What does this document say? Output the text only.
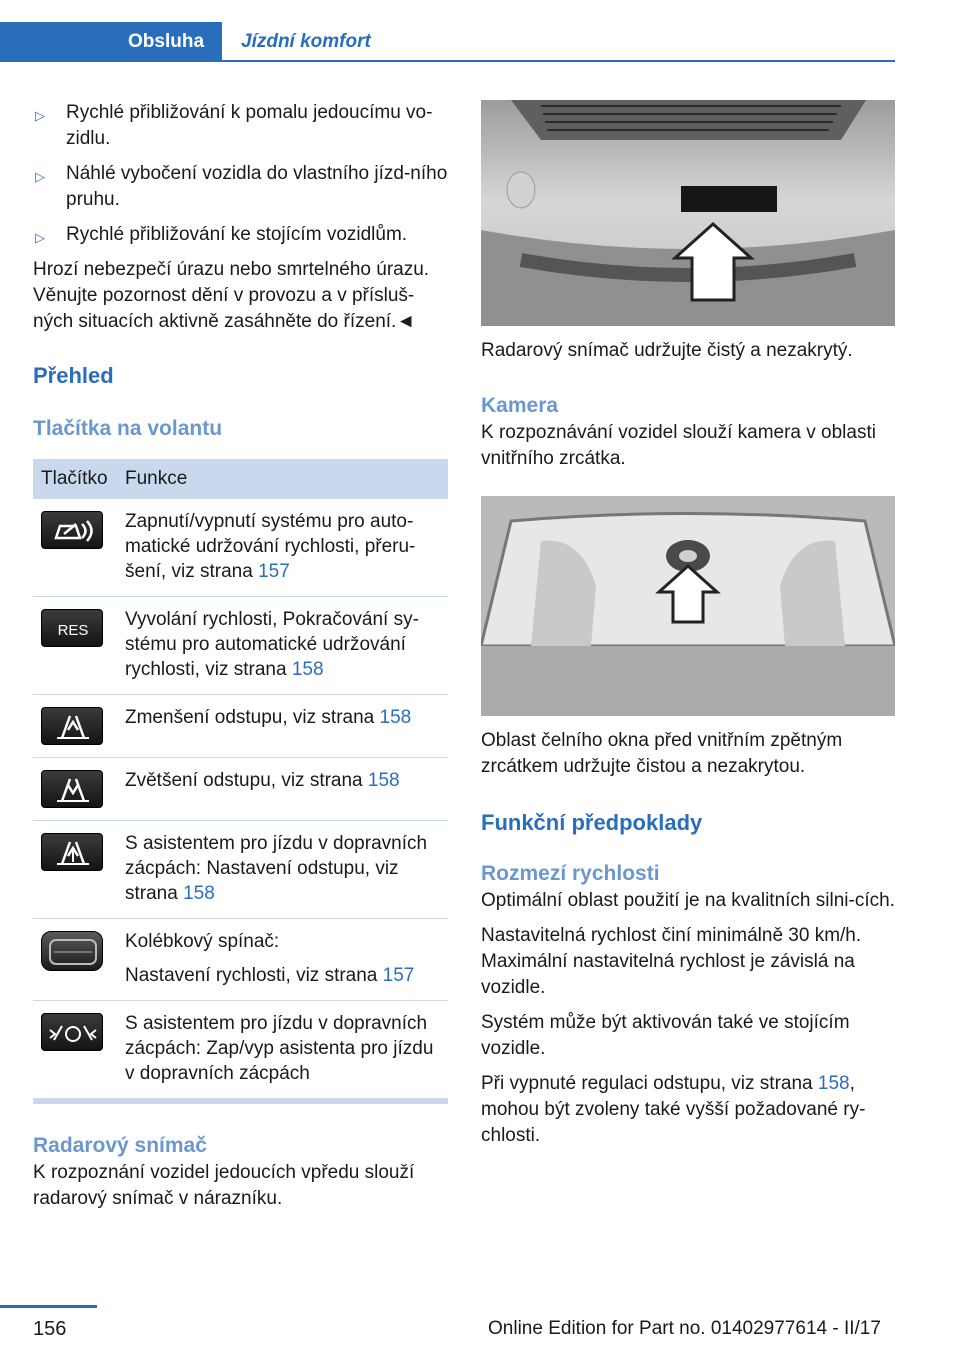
Obsluha Jízdní komfort
▷ Rychlé přibližování k pomalu jedoucímu vo‐zidlu.
▷ Náhlé vybočení vozidla do vlastního jízd‐ního pruhu.
▷ Rychlé přibližování ke stojícím vozidlům.

Hrozí nebezpečí úrazu nebo smrtelného úrazu. Věnujte pozornost dění v provozu a v přísluš‐ných situacích aktivně zasáhněte do řízení.◄

Přehled
Tlačítka na volantu
Tlačítko	Funkce

	Zapnutí/vypnutí systému pro auto‐matické udržování rychlosti, přeru‐šení, viz strana 157

RES	Vyvolání rychlosti, Pokračování sy‐stému pro automatické udržování rychlosti, viz strana 158

	Zmenšení odstupu, viz strana 158

	Zvětšení odstupu, viz strana 158

	S asistentem pro jízdu v dopravních zácpách: Nastavení odstupu, viz strana 158

Kolébkový spínač:
Nastavení rychlosti, viz strana 157

	S asistentem pro jízdu v dopravních zácpách: Zap/vyp asistenta pro jízdu v dopravních zácpách

Radarový snímač

K rozpoznání vozidel jedoucích vpředu slouží radarový snímač v nárazníku.

Radarový snímač udržujte čistý a nezakrytý.

Kamera

K rozpoznávání vozidel slouží kamera v oblasti vnitřního zrcátka.

Oblast čelního okna před vnitřním zpětným zrcátkem udržujte čistou a nezakrytou.

Funkční předpoklady
Rozmezí rychlosti

Optimální oblast použití je na kvalitních silni‐cích.

Nastavitelná rychlost činí minimálně 30 km/h. Maximální nastavitelná rychlost je závislá na vozidle.

Systém může být aktivován také ve stojícím vozidle.

Při vypnuté regulaci odstupu, viz strana 158, mohou být zvoleny také vyšší požadované ry‐chlosti.

156	Online Edition for Part no. 01402977614 - II/17
